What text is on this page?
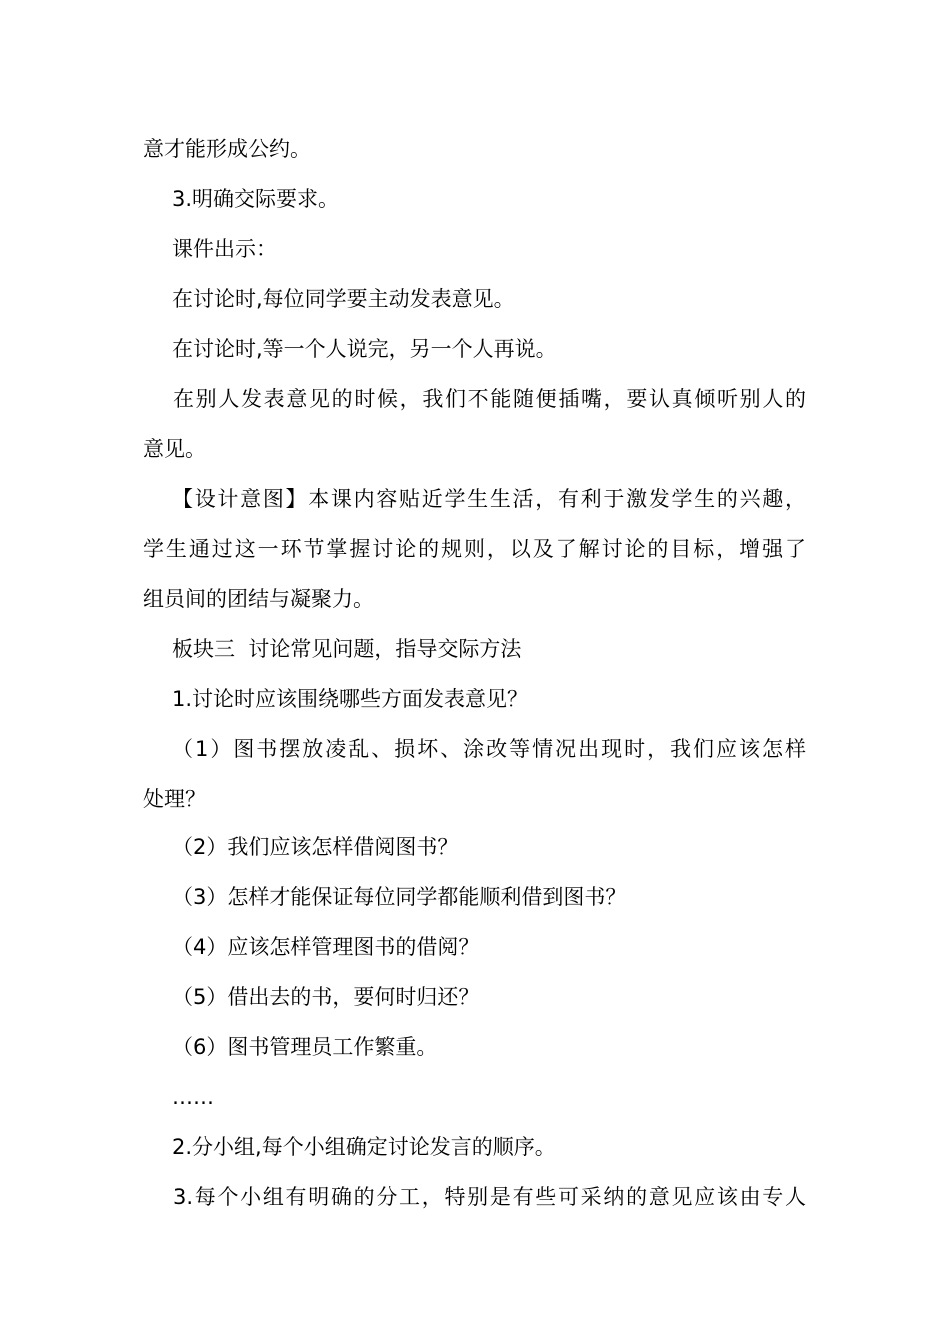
意才能形成公约。
3.明确交际要求。
课件出示：
在讨论时,每位同学要主动发表意见。
在讨论时,等一个人说完，另一个人再说。
在别人发表意见的时候，我们不能随便插嘴，要认真倾听别人的
意见。
【设计意图】本课内容贴近学生生活，有利于激发学生的兴趣，
学生通过这一环节掌握讨论的规则，以及了解讨论的目标，增强了
组员间的团结与凝聚力。
板块三  讨论常见问题，指导交际方法
1.讨论时应该围绕哪些方面发表意见？
（1）图书摆放凌乱、损坏、涂改等情况出现时，我们应该怎样
处理？
（2）我们应该怎样借阅图书？
（3）怎样才能保证每位同学都能顺利借到图书？
（4）应该怎样管理图书的借阅？
（5）借出去的书，要何时归还？
（6）图书管理员工作繁重。
……
2.分小组,每个小组确定讨论发言的顺序。
3.每个小组有明确的分工，特别是有些可采纳的意见应该由专人
